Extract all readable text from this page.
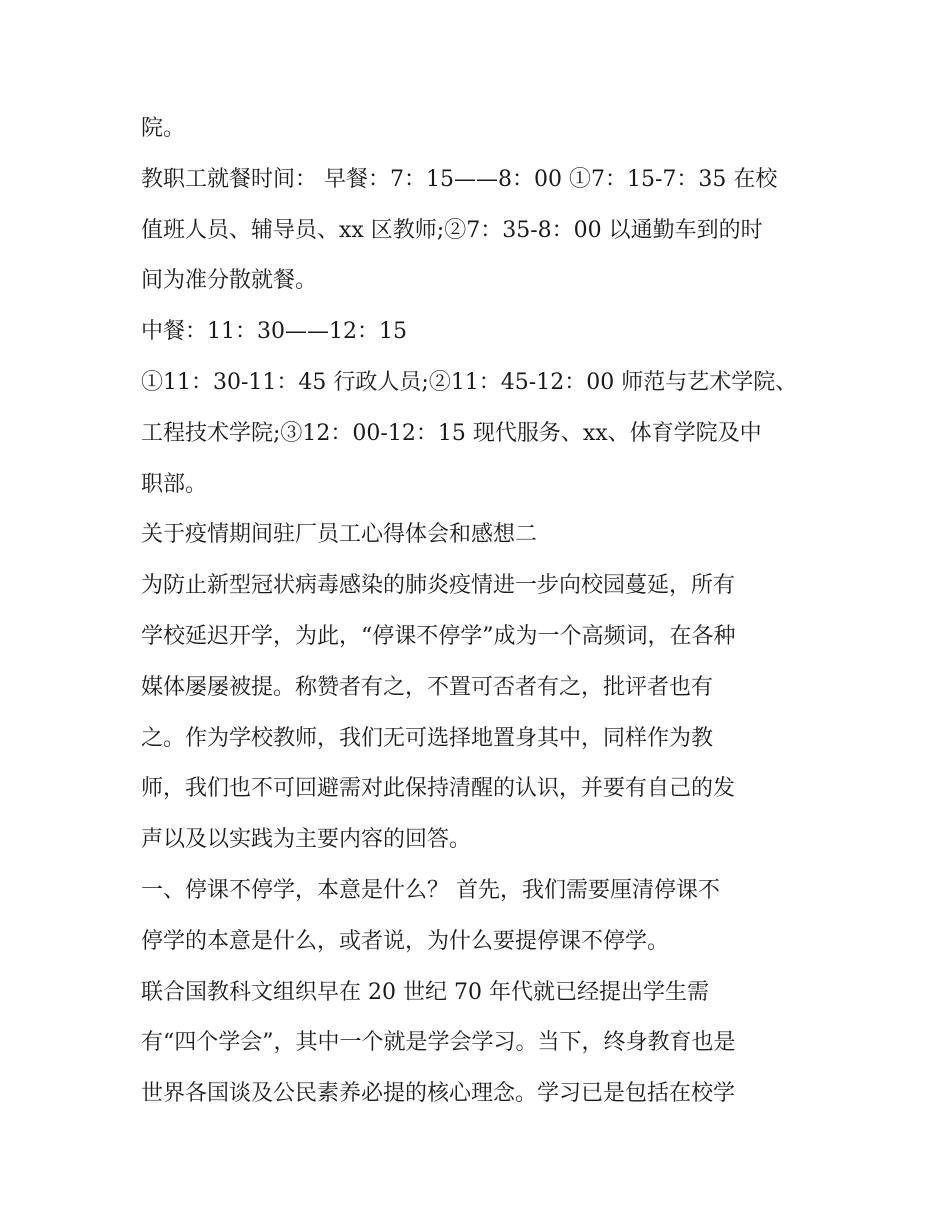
院。
教职工就餐时间： 早餐：7：15——8：00 ①7：15-7：35 在校
值班人员、辅导员、xx 区教师;②7：35-8：00 以通勤车到的时
间为准分散就餐。
中餐：11：30——12：15
①11：30-11：45 行政人员;②11：45-12：00 师范与艺术学院、
工程技术学院;③12：00-12：15 现代服务、xx、体育学院及中
职部。
关于疫情期间驻厂员工心得体会和感想二
为防止新型冠状病毒感染的肺炎疫情进一步向校园蔓延，所有
学校延迟开学，为此，“停课不停学”成为一个高频词，在各种
媒体屡屡被提。称赞者有之，不置可否者有之，批评者也有
之。作为学校教师，我们无可选择地置身其中，同样作为教
师，我们也不可回避需对此保持清醒的认识，并要有自己的发
声以及以实践为主要内容的回答。
一、停课不停学，本意是什么？ 首先，我们需要厘清停课不
停学的本意是什么，或者说，为什么要提停课不停学。
联合国教科文组织早在 20 世纪 70 年代就已经提出学生需
有“四个学会”，其中一个就是学会学习。当下，终身教育也是
世界各国谈及公民素养必提的核心理念。学习已是包括在校学
